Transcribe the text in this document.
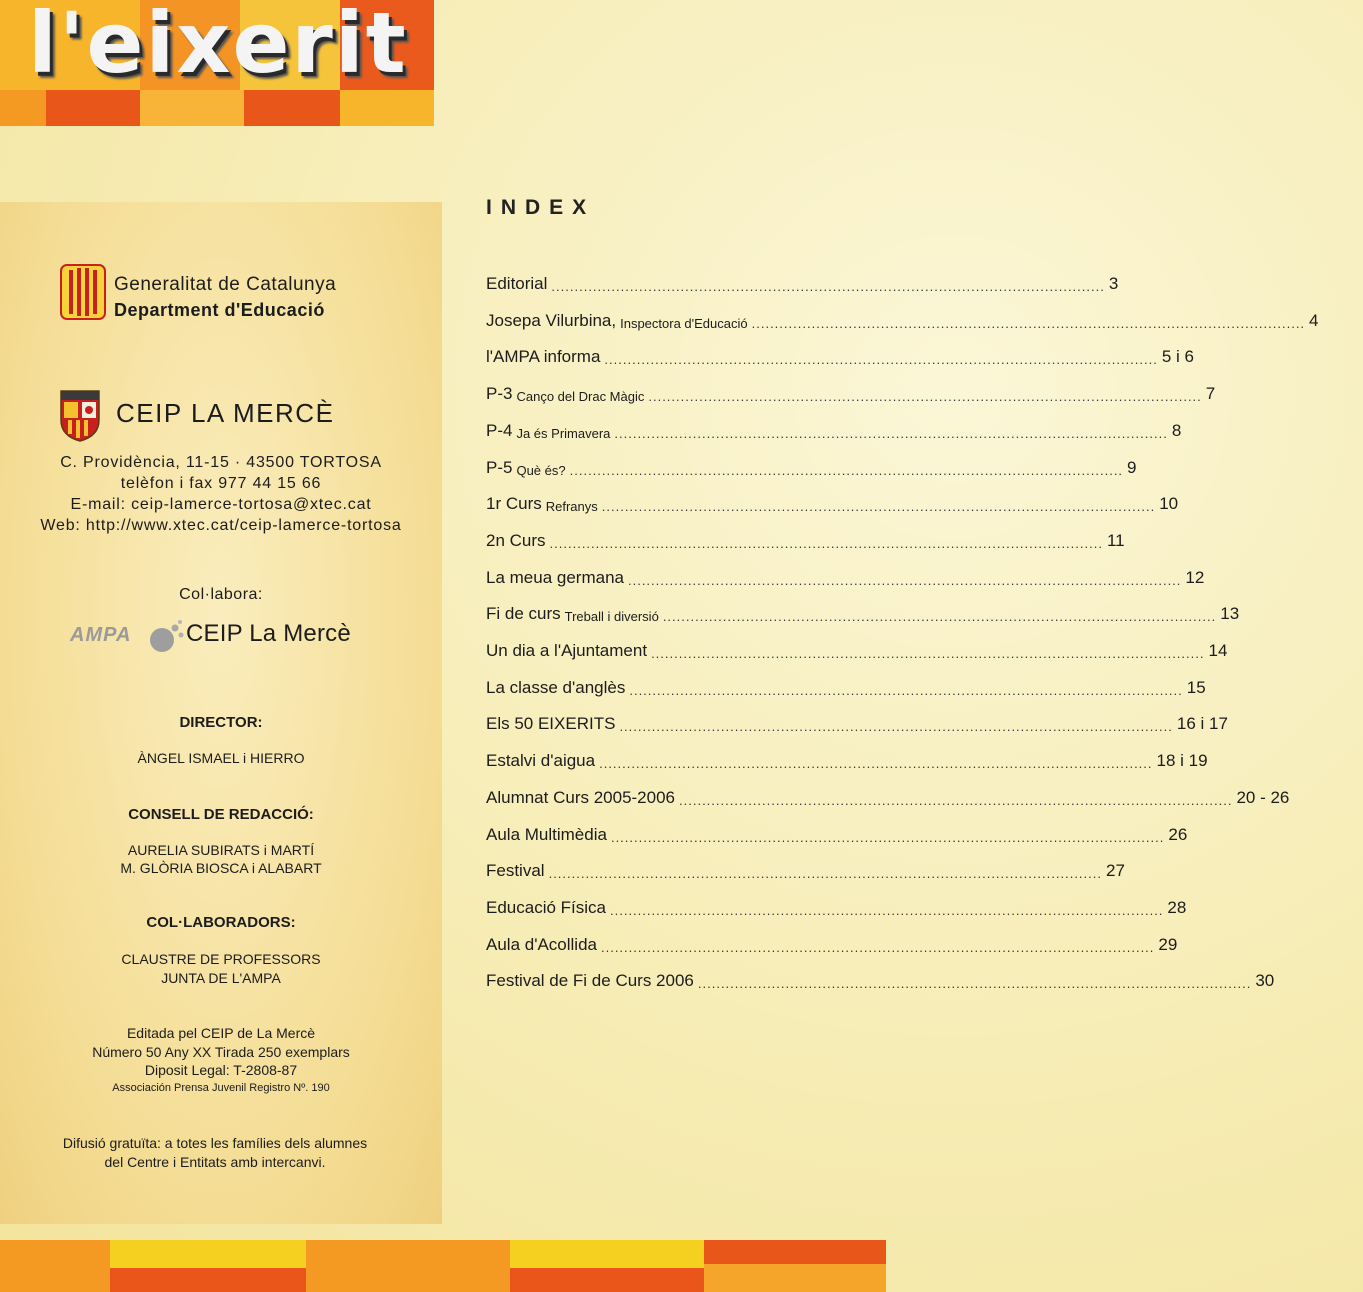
l'eixerit
Generalitat de Catalunya
Department d'Educació
CEIP LA MERCÈ
C. Providència, 11-15 · 43500 TORTOSA
telèfon i fax 977 44 15 66
E-mail: ceip-lamerce-tortosa@xtec.cat
Web: http://www.xtec.cat/ceip-lamerce-tortosa
Col·labora:
AMPA CEIP La Mercè
DIRECTOR:
ÀNGEL ISMAEL i HIERRO
CONSELL DE REDACCIÓ:
AURELIA SUBIRATS i MARTÍ
M. GLÒRIA BIOSCA i ALABART
COL·LABORADORS:
CLAUSTRE DE PROFESSORS
JUNTA DE L'AMPA
Editada pel CEIP de La Mercè
Número 50 Any XX Tirada 250 exemplars
Diposit Legal: T-2808-87
Associación Prensa Juvenil Registro Nº. 190
Difusió gratuïta: a totes les famílies dels alumnes
del Centre i Entitats amb intercanvi.
INDEX
Editorial ........................................................................................................................ 3
Josepa Vilurbina, Inspectora d'Educació ........................................................................................................................ 4
l'AMPA informa ........................................................................................................................ 5 i 6
P-3 Canço del Drac Màgic ........................................................................................................................ 7
P-4 Ja és Primavera ........................................................................................................................ 8
P-5 Què és? ........................................................................................................................ 9
1r Curs Refranys ........................................................................................................................ 10
2n Curs ........................................................................................................................ 11
La meua germana ........................................................................................................................ 12
Fi de curs Treball i diversió ........................................................................................................................ 13
Un dia a l'Ajuntament ........................................................................................................................ 14
La classe d'anglès ........................................................................................................................ 15
Els 50 EIXERITS ........................................................................................................................ 16 i 17
Estalvi d'aigua ........................................................................................................................ 18 i 19
Alumnat Curs 2005-2006 ........................................................................................................................ 20 - 26
Aula Multimèdia ........................................................................................................................ 26
Festival ........................................................................................................................ 27
Educació Física ........................................................................................................................ 28
Aula d'Acollida ........................................................................................................................ 29
Festival de Fi de Curs 2006 ........................................................................................................................ 30
